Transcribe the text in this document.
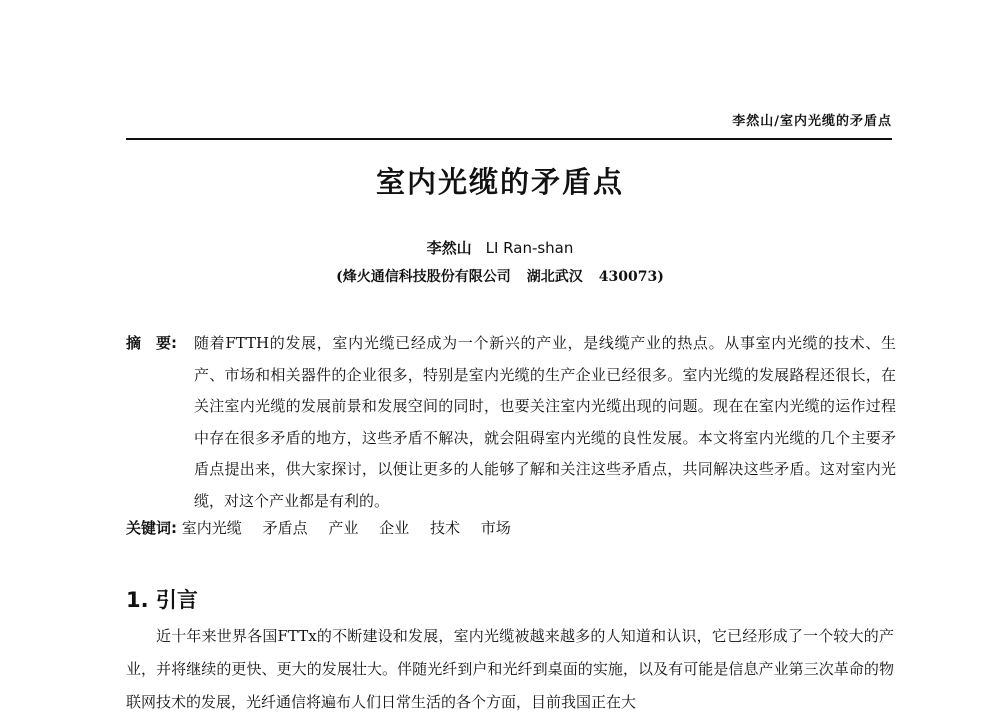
李然山/室内光缆的矛盾点
室内光缆的矛盾点
李然山 LI Ran-shan
(烽火通信科技股份有限公司 湖北武汉 430073)
摘　要: 随着FTTH的发展，室内光缆已经成为一个新兴的产业，是线缆产业的热点。从事室内光缆的技术、生产、市场和相关器件的企业很多，特别是室内光缆的生产企业已经很多。室内光缆的发展路程还很长，在关注室内光缆的发展前景和发展空间的同时，也要关注室内光缆出现的问题。现在在室内光缆的运作过程中存在很多矛盾的地方，这些矛盾不解决，就会阻碍室内光缆的良性发展。本文将室内光缆的几个主要矛盾点提出来，供大家探讨，以便让更多的人能够了解和关注这些矛盾点，共同解决这些矛盾。这对室内光缆，对这个产业都是有利的。
关键词: 室内光缆 矛盾点 产业 企业 技术 市场
1. 引言

近十年来世界各国FTTx的不断建设和发展，室内光缆被越来越多的人知道和认识，它已经形成了一个较大的产业，并将继续的更快、更大的发展壮大。伴随光纤到户和光纤到桌面的实施，以及有可能是信息产业第三次革命的物联网技术的发展，光纤通信将遍布人们日常生活的各个方面，目前我国正在大
